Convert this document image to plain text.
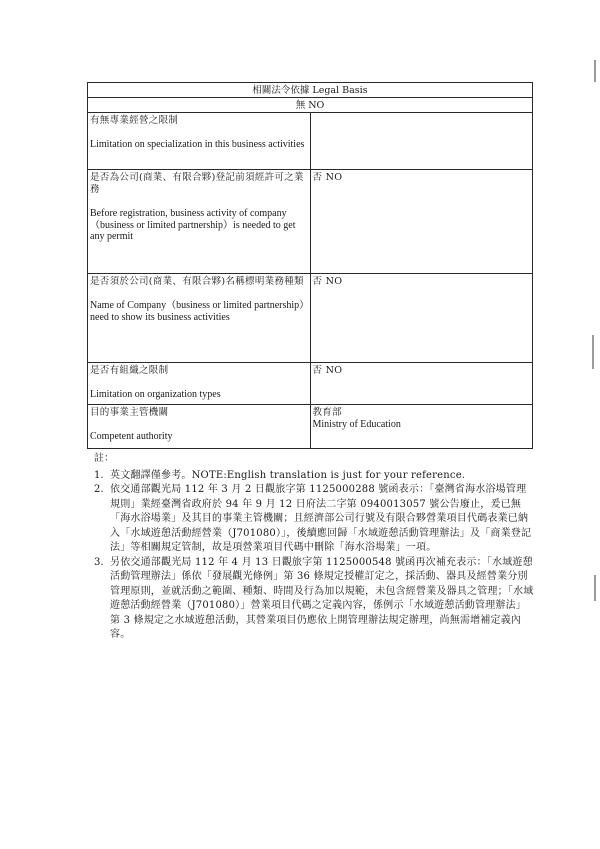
相關法令依據 Legal Basis	
無 NO	

有無專業經營之限制
Limitation on specialization in this business activities	

是否為公司(商業、有限合夥)登記前須經許可之業務
Before registration, business activity of company（business or limited partnership）is needed to get any permit	否 NO

是否須於公司(商業、有限合夥)名稱標明業務種類
Name of Company（business or limited partnership）need to show its business activities	否 NO

是否有組織之限制
Limitation on organization types	否 NO

目的事業主管機關
Competent authority	教育部
Ministry of Education
註：
1. 英文翻譯僅參考。NOTE:English translation is just for your reference.
2. 依交通部觀光局 112 年 3 月 2 日觀旅字第 1125000288 號函表示：「臺灣省海水浴場管理規則」業經臺灣省政府於 94 年 9 月 12 日府法二字第 0940013057 號公告廢止，爰已無「海水浴場業」及其目的事業主管機關；且經濟部公司行號及有限合夥營業項目代碼表業已納入「水域遊憩活動經營業（J701080）」，後續應回歸「水域遊憩活動管理辦法」及「商業登記法」等相關規定管制，故是項營業項目代碼中刪除「海水浴場業」一項。
3. 另依交通部觀光局 112 年 4 月 13 日觀旅字第 1125000548 號函再次補充表示：「水域遊憩活動管理辦法」係依「發展觀光條例」第 36 條規定授權訂定之，採活動、器具及經營業分別管理原則，並就活動之範圍、種類、時間及行為加以規範，未包含經營業及器具之管理；「水域遊憩活動經營業（J701080）」營業項目代碼之定義內容，係例示「水域遊憩活動管理辦法」第 3 條規定之水域遊憩活動，其營業項目仍應依上開管理辦法規定辦理，尚無需增補定義內容。
